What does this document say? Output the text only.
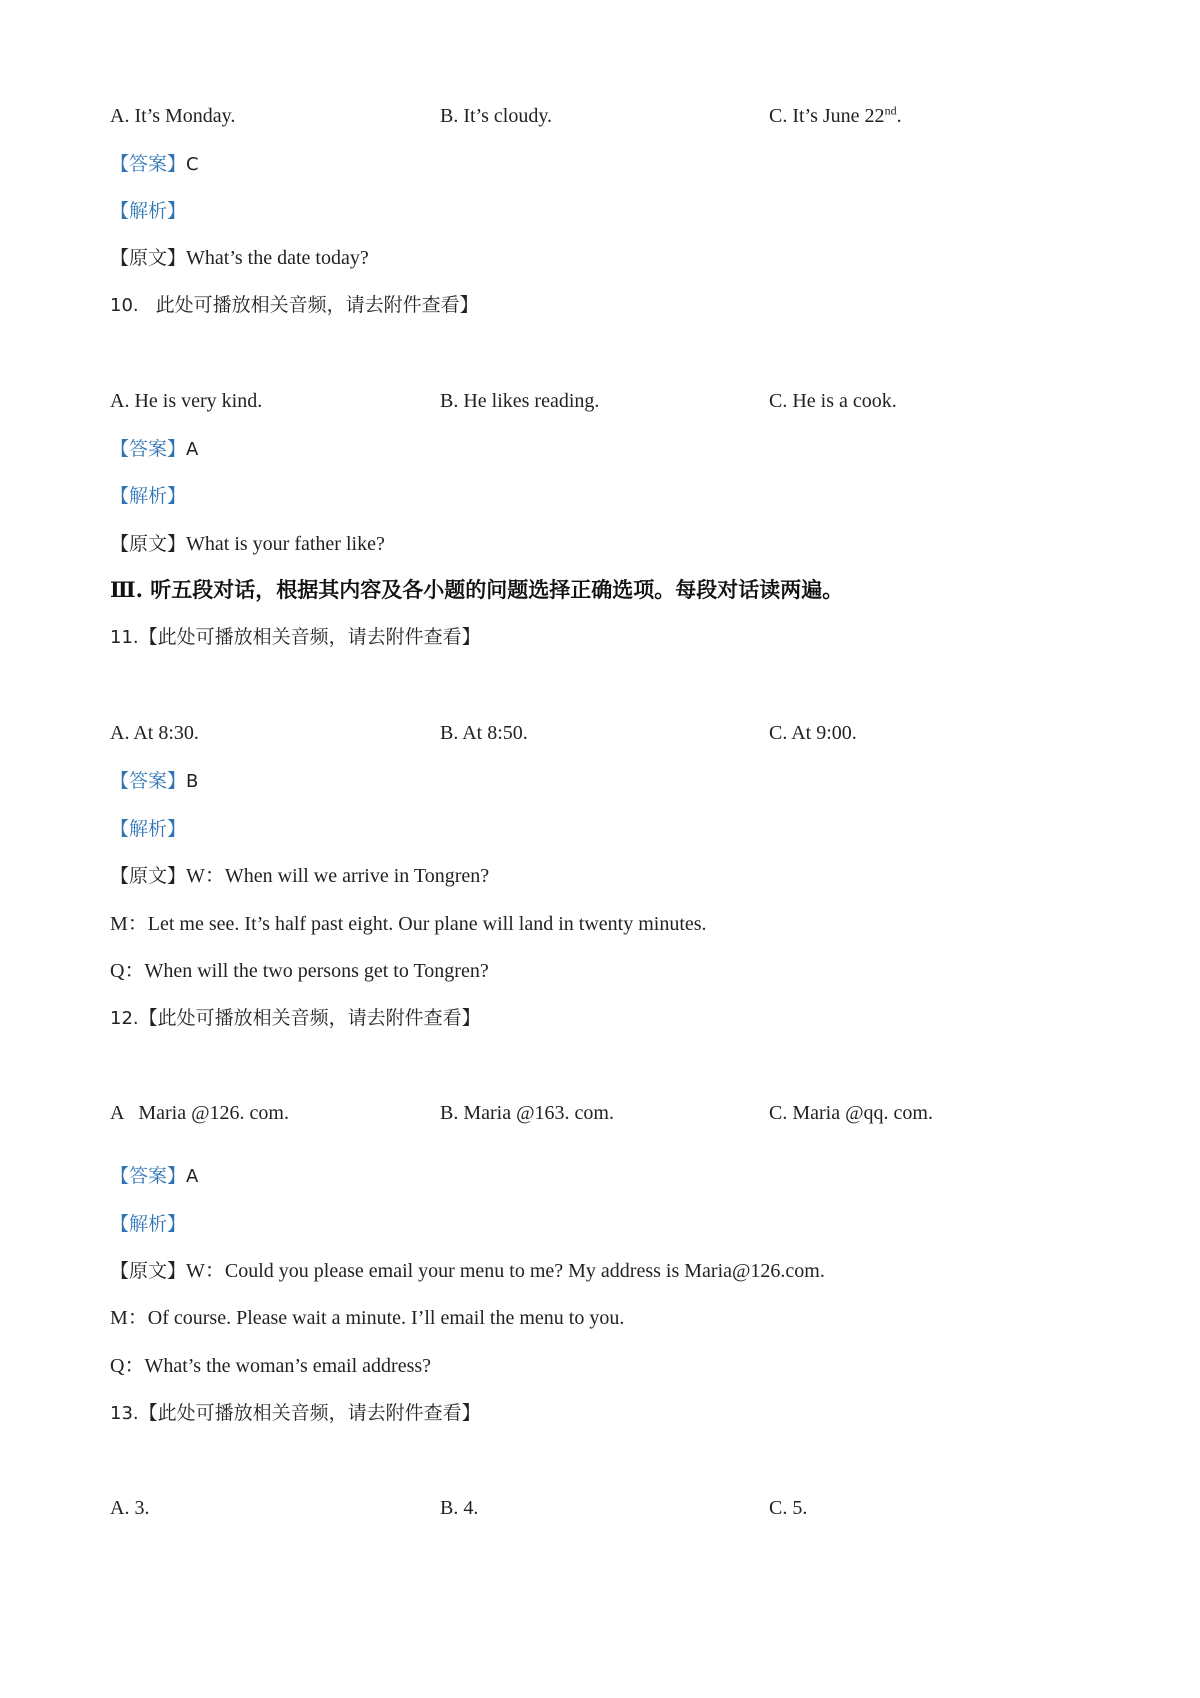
A. It’s Monday.	B. It’s cloudy.	C. It’s June 22nd.
【答案】C
【解析】
【原文】What’s the date today?
10. 此处可播放相关音频，请去附件查看】
A. He is very kind.	B. He likes reading.	C. He is a cook.
【答案】A
【解析】
【原文】What is your father like?
Ⅲ. 听五段对话，根据其内容及各小题的问题选择正确选项。每段对话读两遍。
11.【此处可播放相关音频，请去附件查看】
A. At 8:30.	B. At 8:50.	C. At 9:00.
【答案】B
【解析】
【原文】W：When will we arrive in Tongren?
M：Let me see. It’s half past eight. Our plane will land in twenty minutes.
Q：When will the two persons get to Tongren?
12.【此处可播放相关音频，请去附件查看】
A   Maria @126. com.	B. Maria @163. com.	C. Maria @qq. com.
【答案】A
【解析】
【原文】W：Could you please email your menu to me? My address is Maria@126.com.
M：Of course. Please wait a minute. I’ll email the menu to you.
Q：What’s the woman’s email address?
13.【此处可播放相关音频，请去附件查看】
A. 3.	B. 4.	C. 5.
